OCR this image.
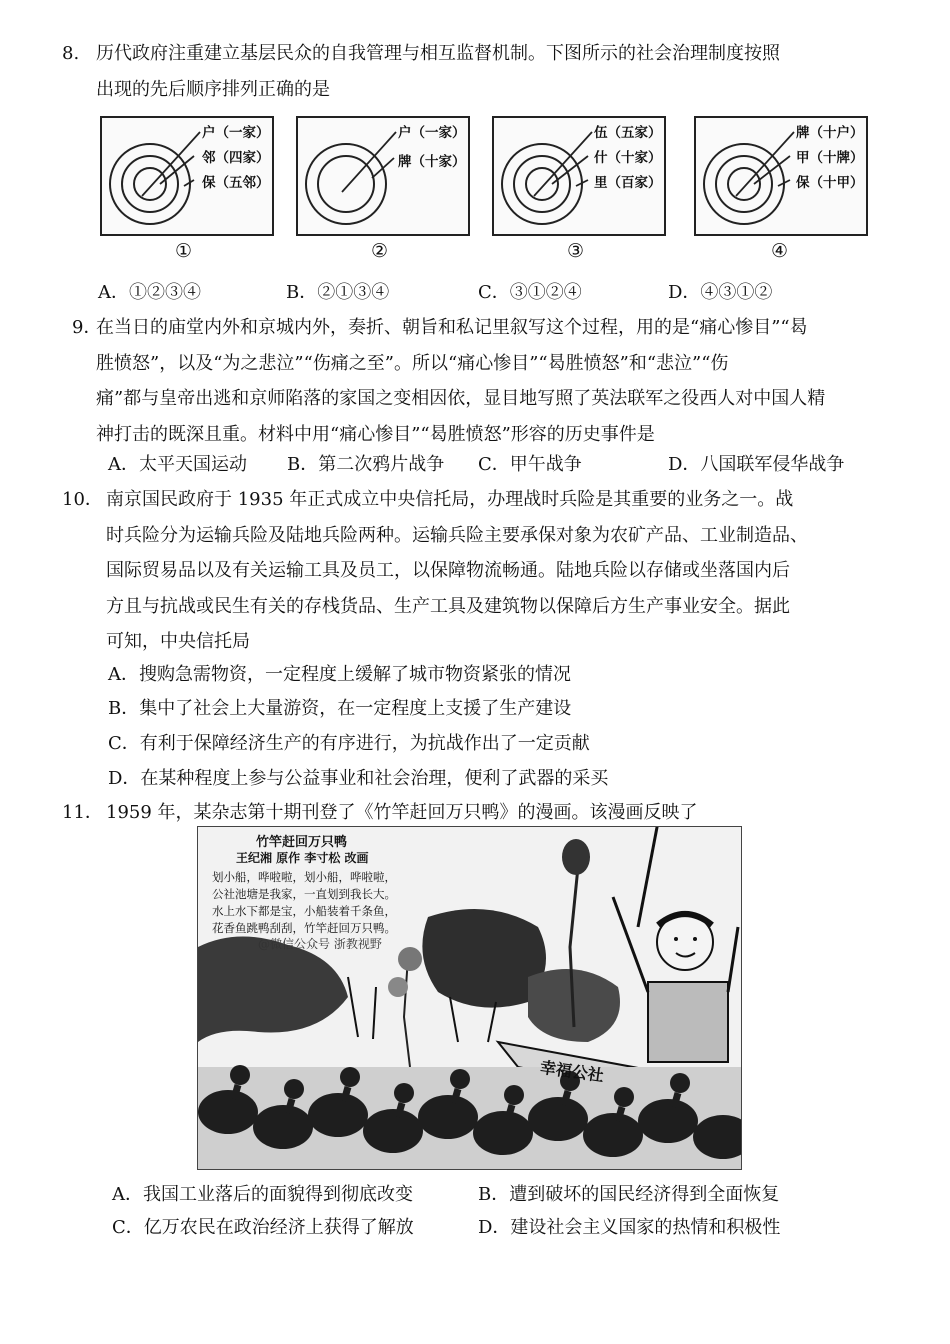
8. 历代政府注重建立基层民众的自我管理与相互监督机制。下图所示的社会治理制度按照
出现的先后顺序排列正确的是
户（一家）
邻（四家）
保（五邻）
①
户（一家）
牌（十家）
②
伍（五家）
什（十家）
里（百家）
③
牌（十户）
甲（十牌）
保（十甲）
④
A．①②③④	B．②①③④	C．③①②④	D．④③①②
9．
在当日的庙堂内外和京城内外，奏折、朝旨和私记里叙写这个过程，用的是“痛心惨目”“曷
胜愤怒”，以及“为之悲泣”“伤痛之至”。所以“痛心惨目”“曷胜愤怒”和“悲泣”“伤
痛”都与皇帝出逃和京师陷落的家国之变相因依，显目地写照了英法联军之役西人对中国人精
神打击的既深且重。材料中用“痛心惨目”“曷胜愤怒”形容的历史事件是
A．太平天国运动 B．第二次鸦片战争 C．甲午战争	D．八国联军侵华战争
10． 南京国民政府于 1935 年正式成立中央信托局，办理战时兵险是其重要的业务之一。战
时兵险分为运输兵险及陆地兵险两种。运输兵险主要承保对象为农矿产品、工业制造品、
国际贸易品以及有关运输工具及员工，以保障物流畅通。陆地兵险以存储或坐落国内后
方且与抗战或民生有关的存栈货品、生产工具及建筑物以保障后方生产事业安全。据此
可知，中央信托局
A．搜购急需物资，一定程度上缓解了城市物资紧张的情况
B．集中了社会上大量游资，在一定程度上支援了生产建设
C．有利于保障经济生产的有序进行，为抗战作出了一定贡献
D．在某种程度上参与公益事业和社会治理，便利了武器的采买
11． 1959 年，某杂志第十期刊登了《竹竿赶回万只鸭》的漫画。该漫画反映了
竹竿赶回万只鸭
王纪湘 原作 李寸松 改画
划小船，哗啦啦，划小船，哗啦啦，
公社池塘是我家，一直划到我长大。
水上水下都是宝，小船装着千条鱼，
花香鱼跳鸭刮刮，竹竿赶回万只鸭。
@微信公众号 浙教视野
幸福公社
A．我国工业落后的面貌得到彻底改变	B．遭到破坏的国民经济得到全面恢复
C．亿万农民在政治经济上获得了解放	D．建设社会主义国家的热情和积极性
